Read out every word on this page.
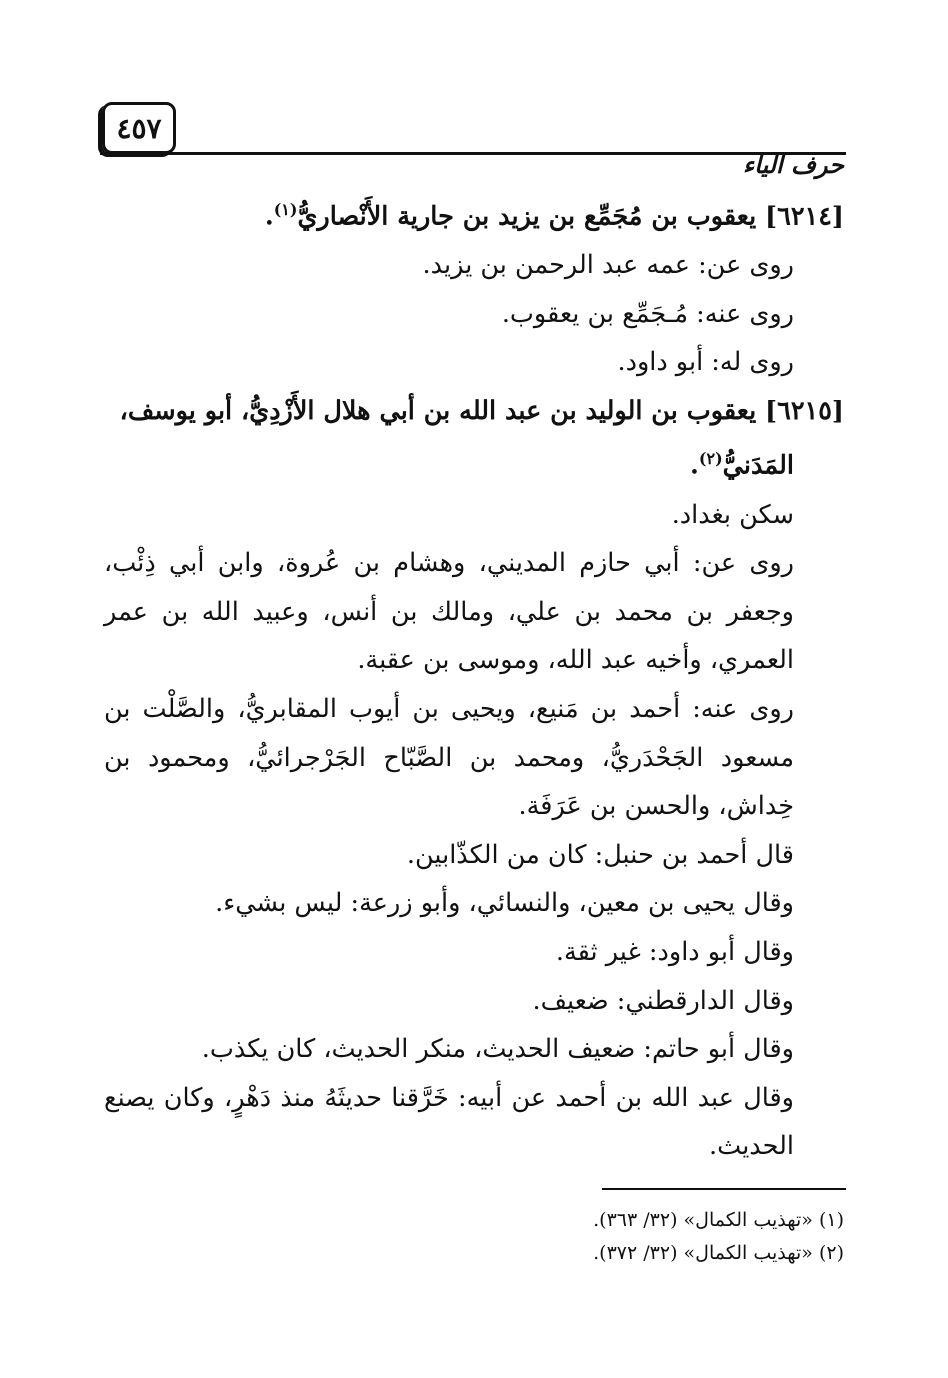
حرف الياء
٤٥٧

[٦٢١٤] يعقوب بن مُجَمِّع بن يزيد بن جارية الأَنْصاريُّ$^{(١)}$.

روى عن: عمه عبد الرحمن بن يزيد.

روى عنه: مُـجَمِّع بن يعقوب.

روى له: أبو داود.

[٦٢١٥] يعقوب بن الوليد بن عبد الله بن أبي هلال الأَزْدِيُّ، أبو يوسف،

المَدَنيُّ$^{(٢)}$.

سكن بغداد.

روى عن: أبي حازم المديني، وهشام بن عُروة، وابن أبي ذِئْب، وجعفر بن محمد بن علي، ومالك بن أنس، وعبيد الله بن عمر العمري، وأخيه عبد الله، وموسى بن عقبة.

روى عنه: أحمد بن مَنيع، ويحيى بن أيوب المقابريُّ، والصَّلْت بن مسعود الجَحْدَريُّ، ومحمد بن الصَّبّاح الجَرْجرائيُّ، ومحمود بن خِداش، والحسن بن عَرَفَة.

قال أحمد بن حنبل: كان من الكذّابين.

وقال يحيى بن معين، والنسائي، وأبو زرعة: ليس بشيء.

وقال أبو داود: غير ثقة.

وقال الدارقطني: ضعيف.

وقال أبو حاتم: ضعيف الحديث، منكر الحديث، كان يكذب.

وقال عبد الله بن أحمد عن أبيه: خَرَّقنا حديثَهُ منذ دَهْرٍ، وكان يصنع الحديث.

(١) «تهذيب الكمال» (٣٢/ ٣٦٣).

(٢) «تهذيب الكمال» (٣٢/ ٣٧٢).
